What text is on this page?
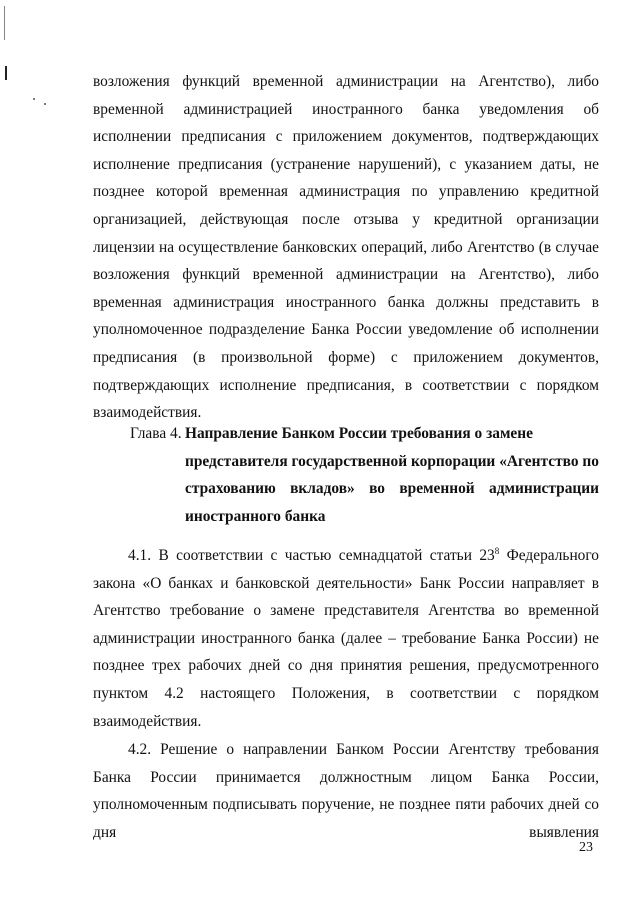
возложения функций временной администрации на Агентство), либо временной администрацией иностранного банка уведомления об исполнении предписания с приложением документов, подтверждающих исполнение предписания (устранение нарушений), с указанием даты, не позднее которой временная администрация по управлению кредитной организацией, действующая после отзыва у кредитной организации лицензии на осуществление банковских операций, либо Агентство (в случае возложения функций временной администрации на Агентство), либо временная администрация иностранного банка должны представить в уполномоченное подразделение Банка России уведомление об исполнении предписания (в произвольной форме) с приложением документов, подтверждающих исполнение предписания, в соответствии с порядком взаимодействия.

Глава 4. Направление Банком России требования о замене
представителя государственной корпорации «Агентство по страхованию вкладов» во временной администрации иностранного банка

4.1. В соответствии с частью семнадцатой статьи $23^8$ Федерального закона «О банках и банковской деятельности» Банк России направляет в Агентство требование о замене представителя Агентства во временной администрации иностранного банка (далее – требование Банка России) не позднее трех рабочих дней со дня принятия решения, предусмотренного пунктом 4.2 настоящего Положения, в соответствии с порядком взаимодействия.

4.2. Решение о направлении Банком России Агентству требования Банка России принимается должностным лицом Банка России, уполномоченным подписывать поручение, не позднее пяти рабочих дней со дня выявления

23
